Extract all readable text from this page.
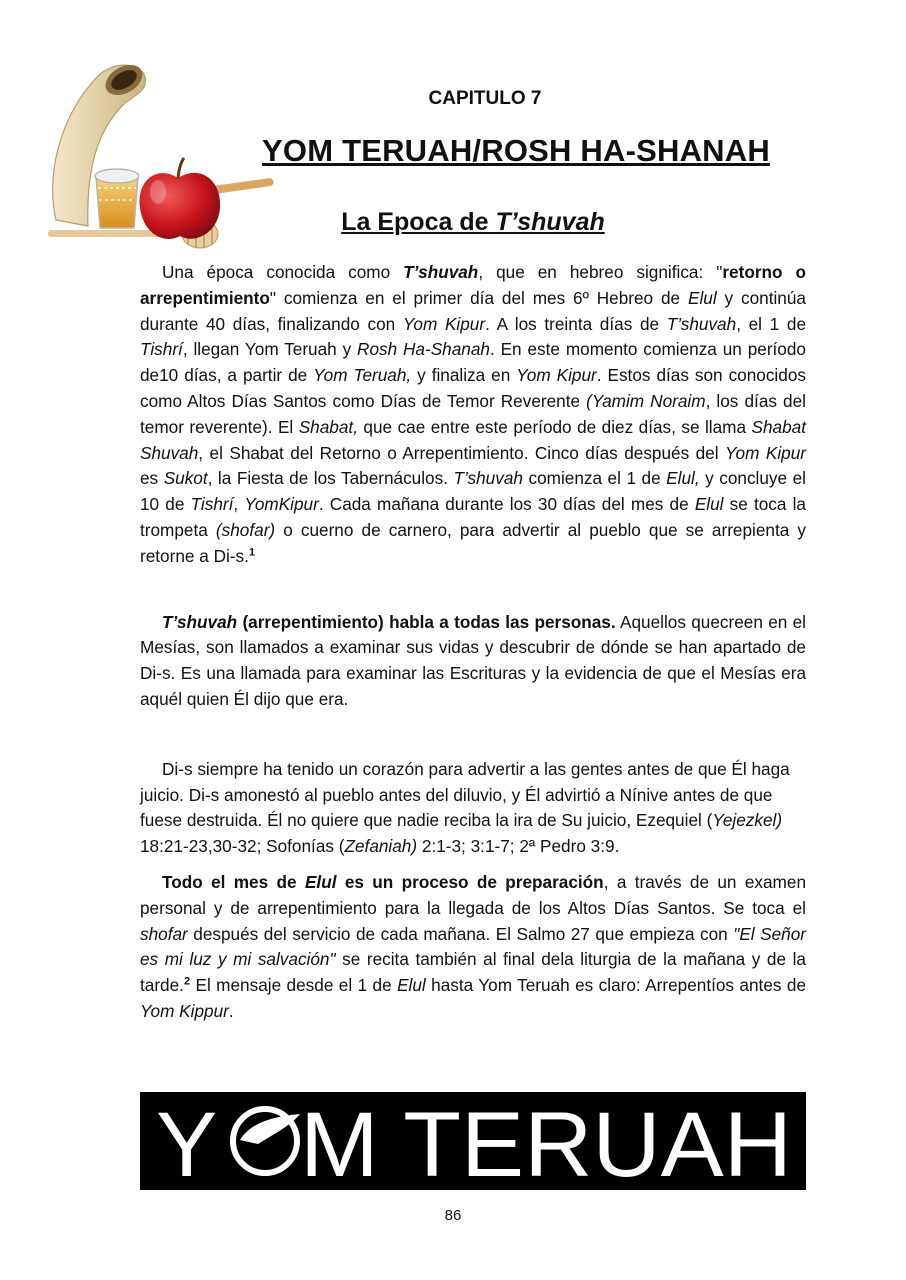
CAPITULO 7
YOM TERUAH/ROSH HA-SHANAH
La Epoca de T’shuvah

Una época conocida como T’shuvah, que en hebreo significa: "retorno o arrepentimiento" comienza en el primer día del mes 6º Hebreo de Elul y continúa durante 40 días, finalizando con Yom Kipur. A los treinta días de T’shuvah, el 1 de Tishrí, llegan Yom Teruah y Rosh Ha-Shanah. En este momento comienza un período de10 días, a partir de Yom Teruah, y finaliza en Yom Kipur. Estos días son conocidos como Altos Días Santos como Días de Temor Reverente (Yamim Noraim, los días del temor reverente). El Shabat, que cae entre este período de diez días, se llama Shabat Shuvah, el Shabat del Retorno o Arrepentimiento. Cinco días después del Yom Kipur es Sukot, la Fiesta de los Tabernáculos. T’shuvah comienza el 1 de Elul, y concluye el 10 de Tishrí, YomKipur. Cada mañana durante los 30 días del mes de Elul se toca la trompeta (shofar) o cuerno de carnero, para advertir al pueblo que se arrepienta y retorne a Di-s.$^1$

T’shuvah (arrepentimiento) habla a todas las personas. Aquellos quecreen en el Mesías, son llamados a examinar sus vidas y descubrir de dónde se han apartado de Di-s. Es una llamada para examinar las Escrituras y la evidencia de que el Mesías era aquél quien Él dijo que era.

Di-s siempre ha tenido un corazón para advertir a las gentes antes de que Él haga juicio. Di-s amonestó al pueblo antes del diluvio, y Él advirtió a Nínive antes de que fuese destruida. Él no quiere que nadie reciba la ira de Su juicio, Ezequiel (Yejezkel) 18:21-23,30-32; Sofonías (Zefaniah) 2:1-3; 3:1-7; 2ª Pedro 3:9.

Todo el mes de Elul es un proceso de preparación, a través de un examen personal y de arrepentimiento para la llegada de los Altos Días Santos. Se toca el shofar después del servicio de cada mañana. El Salmo 27 que empieza con "El Señor es mi luz y mi salvación" se recita también al final dela liturgia de la mañana y de la tarde.$^2$ El mensaje desde el 1 de Elul hasta Yom Teruah es claro: Arrepentíos antes de Yom Kippur.

Y M TERUAH
86
